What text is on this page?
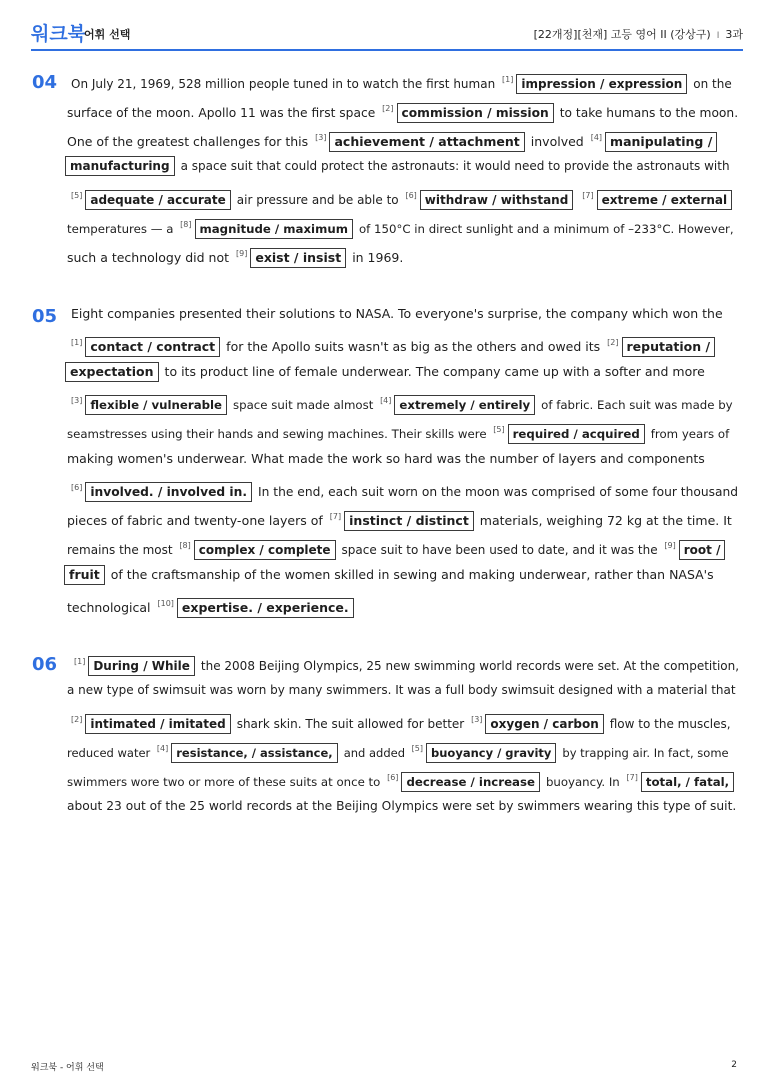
워크북
어휘 선택	[22개정][천재] 고등 영어 II (강상구) I 3과
04 On July 21, 1969, 528 million people tuned in to watch the first human [1] impression / expression on the
surface of the moon. Apollo 11 was the first space [2] commission / mission to take humans to the moon.
One of the greatest challenges for this [3] achievement / attachment involved [4] manipulating /
manufacturing a space suit that could protect the astronauts: it would need to provide the astronauts with
[5] adequate / accurate air pressure and be able to [6] withdraw / withstand [7] extreme / external
temperatures — a [8] magnitude / maximum of 150°C in direct sunlight and a minimum of –233°C. However,
such a technology did not [9] exist / insist in 1969.
05 Eight companies presented their solutions to NASA. To everyone's surprise, the company which won the
[1] contact / contract for the Apollo suits wasn't as big as the others and owed its [2] reputation /
expectation to its product line of female underwear. The company came up with a softer and more
[3] flexible / vulnerable space suit made almost [4] extremely / entirely of fabric. Each suit was made by
seamstresses using their hands and sewing machines. Their skills were [5] required / acquired from years of
making women's underwear. What made the work so hard was the number of layers and components
[6] involved. / involved in. In the end, each suit worn on the moon was comprised of some four thousand
pieces of fabric and twenty-one layers of [7] instinct / distinct materials, weighing 72 kg at the time. It
remains the most [8] complex / complete space suit to have been used to date, and it was the [9] root /
fruit of the craftsmanship of the women skilled in sewing and making underwear, rather than NASA's
technological [10] expertise. / experience.
06	[1] During / While the 2008 Beijing Olympics, 25 new swimming world records were set. At the competition,
a new type of swimsuit was worn by many swimmers. It was a full body swimsuit designed with a material that
[2] intimated / imitated shark skin. The suit allowed for better [3] oxygen / carbon flow to the muscles,
reduced water [4] resistance, / assistance, and added [5] buoyancy / gravity by trapping air. In fact, some
swimmers wore two or more of these suits at once to [6] decrease / increase buoyancy. In [7] total, / fatal,
about 23 out of the 25 world records at the Beijing Olympics were set by swimmers wearing this type of suit.
워크북 - 어휘 선택	2
